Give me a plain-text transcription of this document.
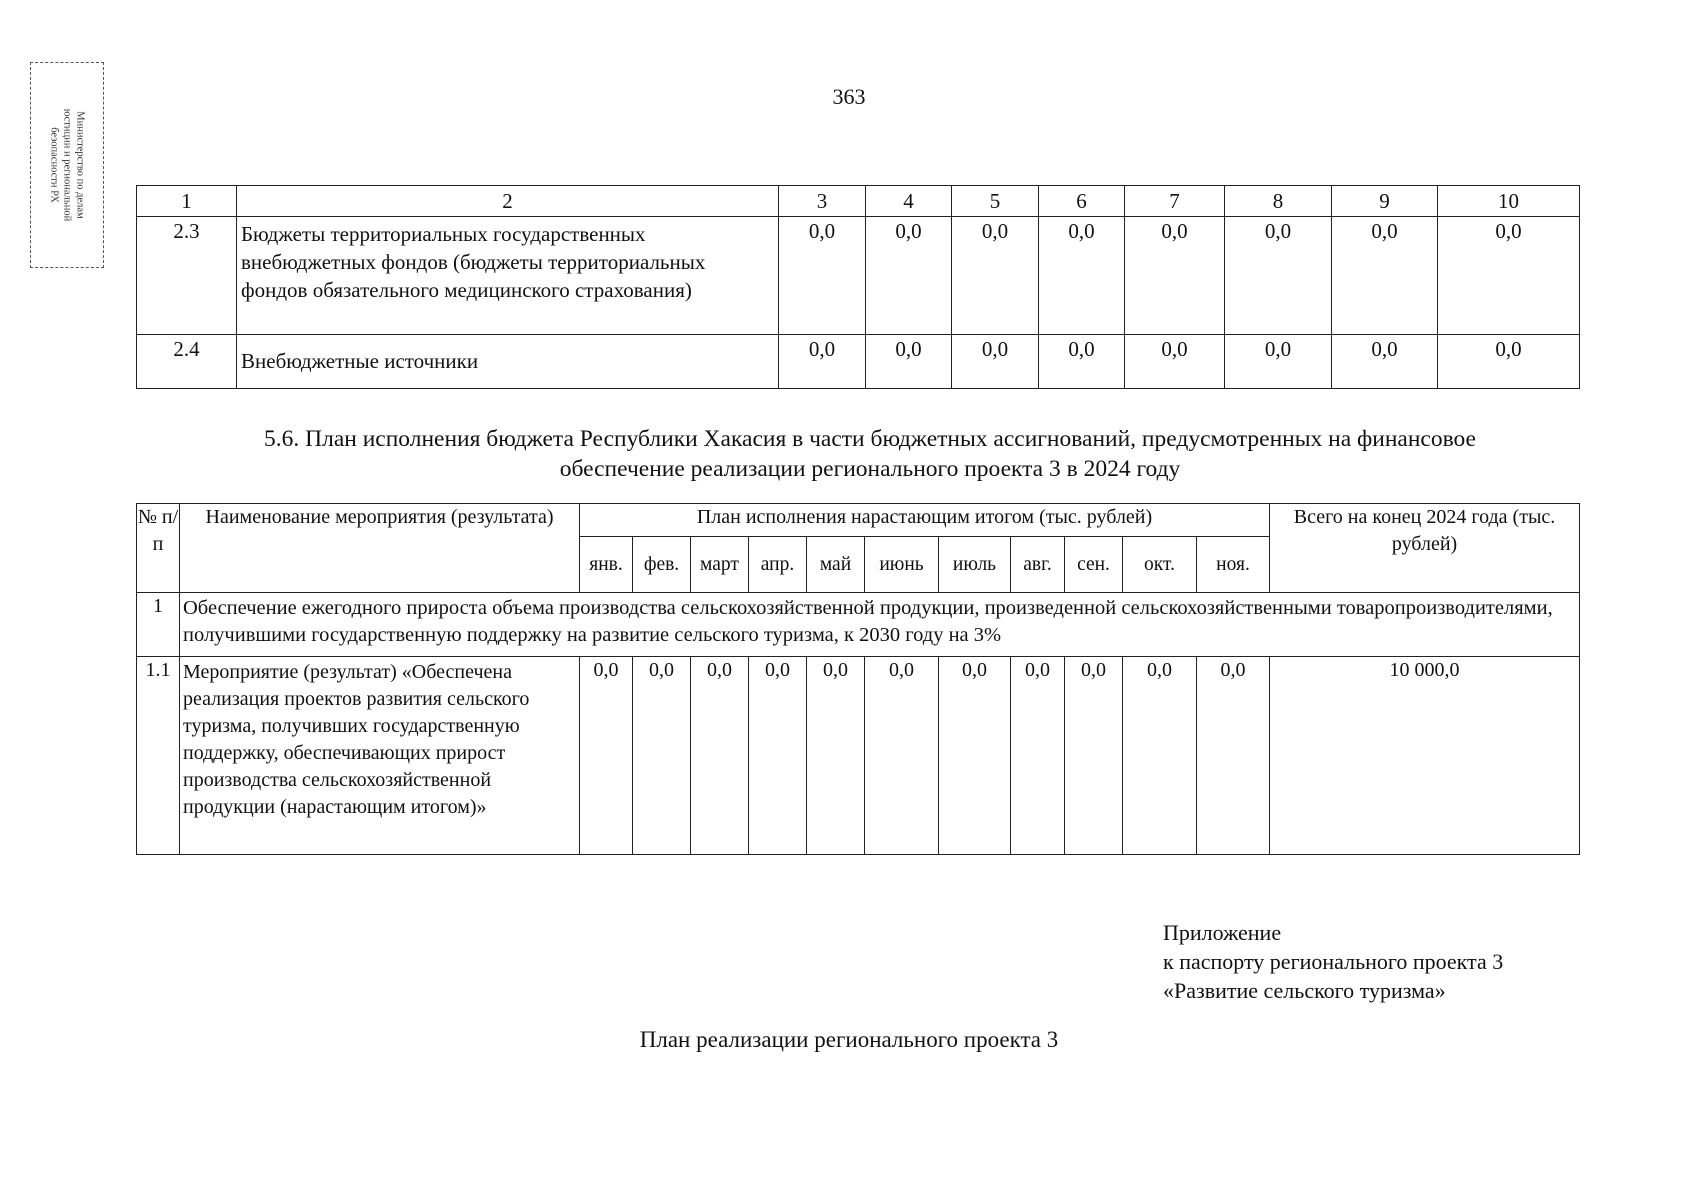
Министерство по делам
юстиции и региональной
безопасности РХ
363
1	2	3	4	5	6	7	8	9	10
2.3	Бюджеты территориальных государственных внебюджетных фондов (бюджеты территориальных фондов обязательного медицинского страхования)	0,0	0,0	0,0	0,0	0,0	0,0	0,0	0,0
2.4	Внебюджетные источники	0,0	0,0	0,0	0,0	0,0	0,0	0,0	0,0
5.6. План исполнения бюджета Республики Хакасия в части бюджетных ассигнований, предусмотренных на финансовое
обеспечение реализации регионального проекта 3 в 2024 году
№ п/п	Наименование мероприятия (результата)	План исполнения нарастающим итогом (тыс. рублей)											Всего на конец 2024 года (тыс. рублей)
		янв.	фев.	март	апр.	май	июнь	июль	авг.	сен.	окт.	ноя.	
1	Обеспечение ежегодного прироста объема производства сельскохозяйственной продукции, произведенной сельскохозяйственными товаропроизводителями, получившими государственную поддержку на развитие сельского туризма, к 2030 году на 3%												
1.1	Мероприятие (результат) «Обеспечена реализация проектов развития сельского туризма, получивших государственную поддержку, обеспечивающих прирост производства сельскохозяйственной продукции (нарастающим итогом)»	0,0	0,0	0,0	0,0	0,0	0,0	0,0	0,0	0,0	0,0	0,0	10 000,0
Приложение
к паспорту регионального проекта 3
«Развитие сельского туризма»
План реализации регионального проекта 3
